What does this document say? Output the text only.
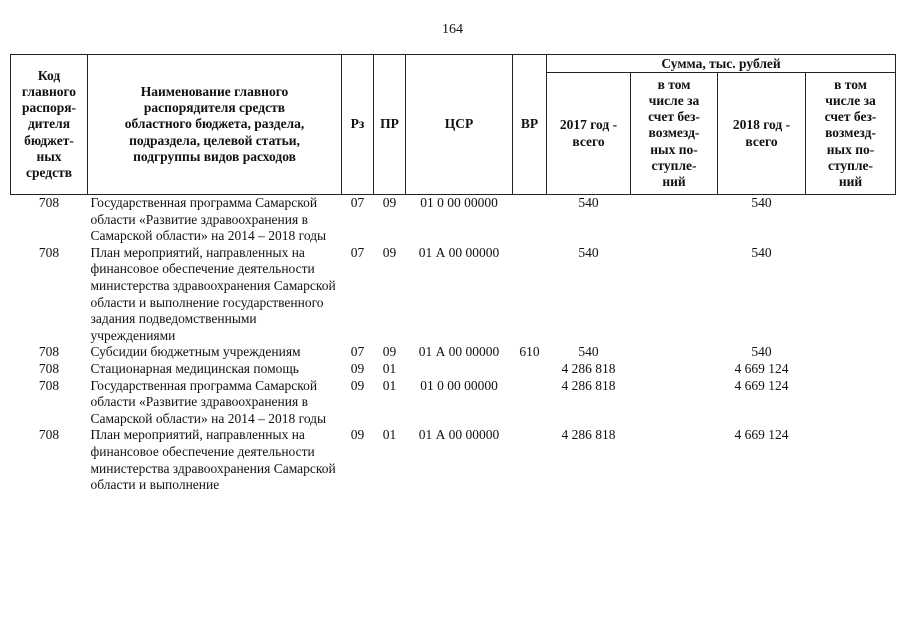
164
Код главного распоря-дителя бюджет-ных средств	Наименование главного распорядителя средств областного бюджета, раздела, подраздела, целевой статьи, подгруппы видов расходов	Рз	ПР	ЦСР	ВР	Сумма, тыс. рублей			

						2017 год - всего	в том числе за счет без-возмезд-ных по-ступле-ний	2018 год - всего	в том числе за счет без-возмезд-ных по-ступле-ний

708	Государственная программа Самарской области «Развитие здравоохранения в Самарской области» на 2014 – 2018 годы	07	09	01 0 00 00000		540		540	
708	План мероприятий, направленных на финансовое обеспечение деятельности министерства здравоохранения Самарской области и выполнение государственного задания подведомственными учреждениями	07	09	01 А 00 00000		540		540	
708	Субсидии бюджетным учреждениям	07	09	01 А 00 00000	610	540		540	
708	Стационарная медицинская помощь	09	01			4 286 818		4 669 124	
708	Государственная программа Самарской области «Развитие здравоохранения в Самарской области» на 2014 – 2018 годы	09	01	01 0 00 00000		4 286 818		4 669 124	
708	План мероприятий, направленных на финансовое обеспечение деятельности министерства здравоохранения Самарской области и выполнение	09	01	01 А 00 00000		4 286 818		4 669 124	
